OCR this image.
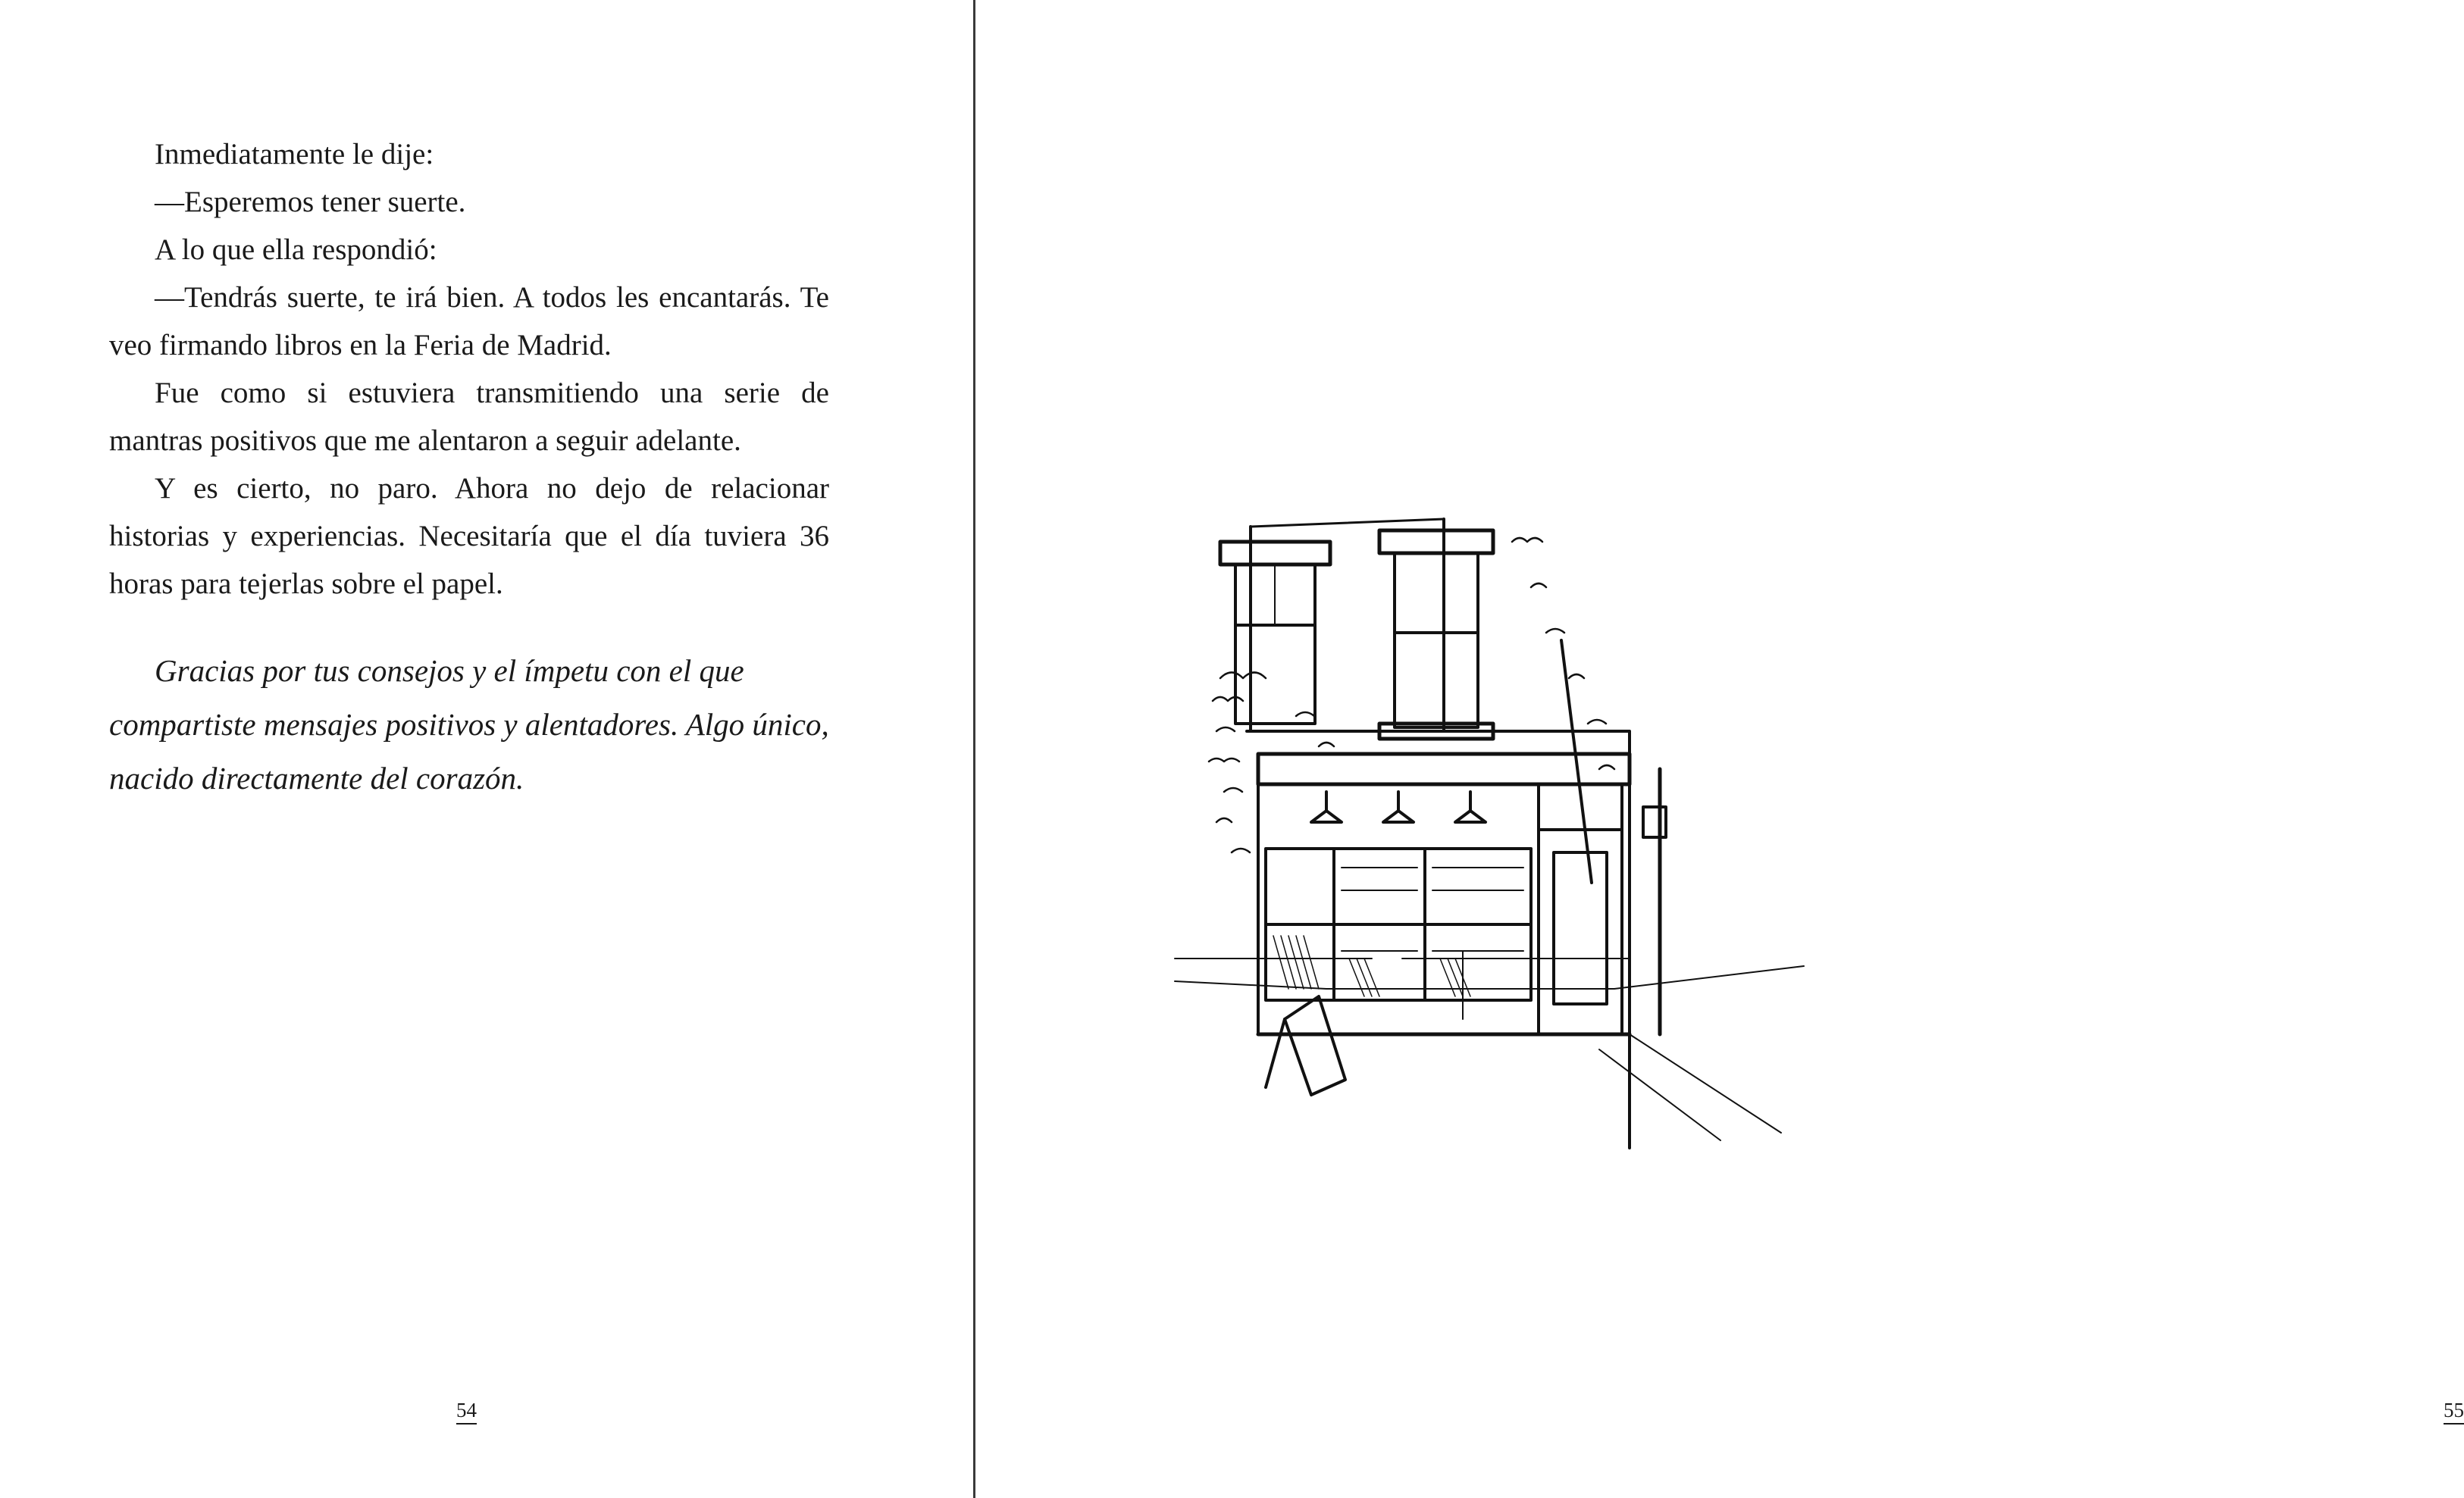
Inmediatamente le dije:

—Esperemos tener suerte.

A lo que ella respondió:

—Tendrás suerte, te irá bien. A todos les encantarás. Te veo firmando libros en la Feria de Madrid.

Fue como si estuviera transmitiendo una serie de mantras positivos que me alentaron a seguir adelante.

Y es cierto, no paro. Ahora no dejo de relacionar historias y experiencias. Necesitaría que el día tuviera 36 horas para tejerlas sobre el papel.

Gracias por tus consejos y el ímpetu con el que compartiste mensajes positivos y alentadores. Algo único, nacido directamente del corazón.

54	55
